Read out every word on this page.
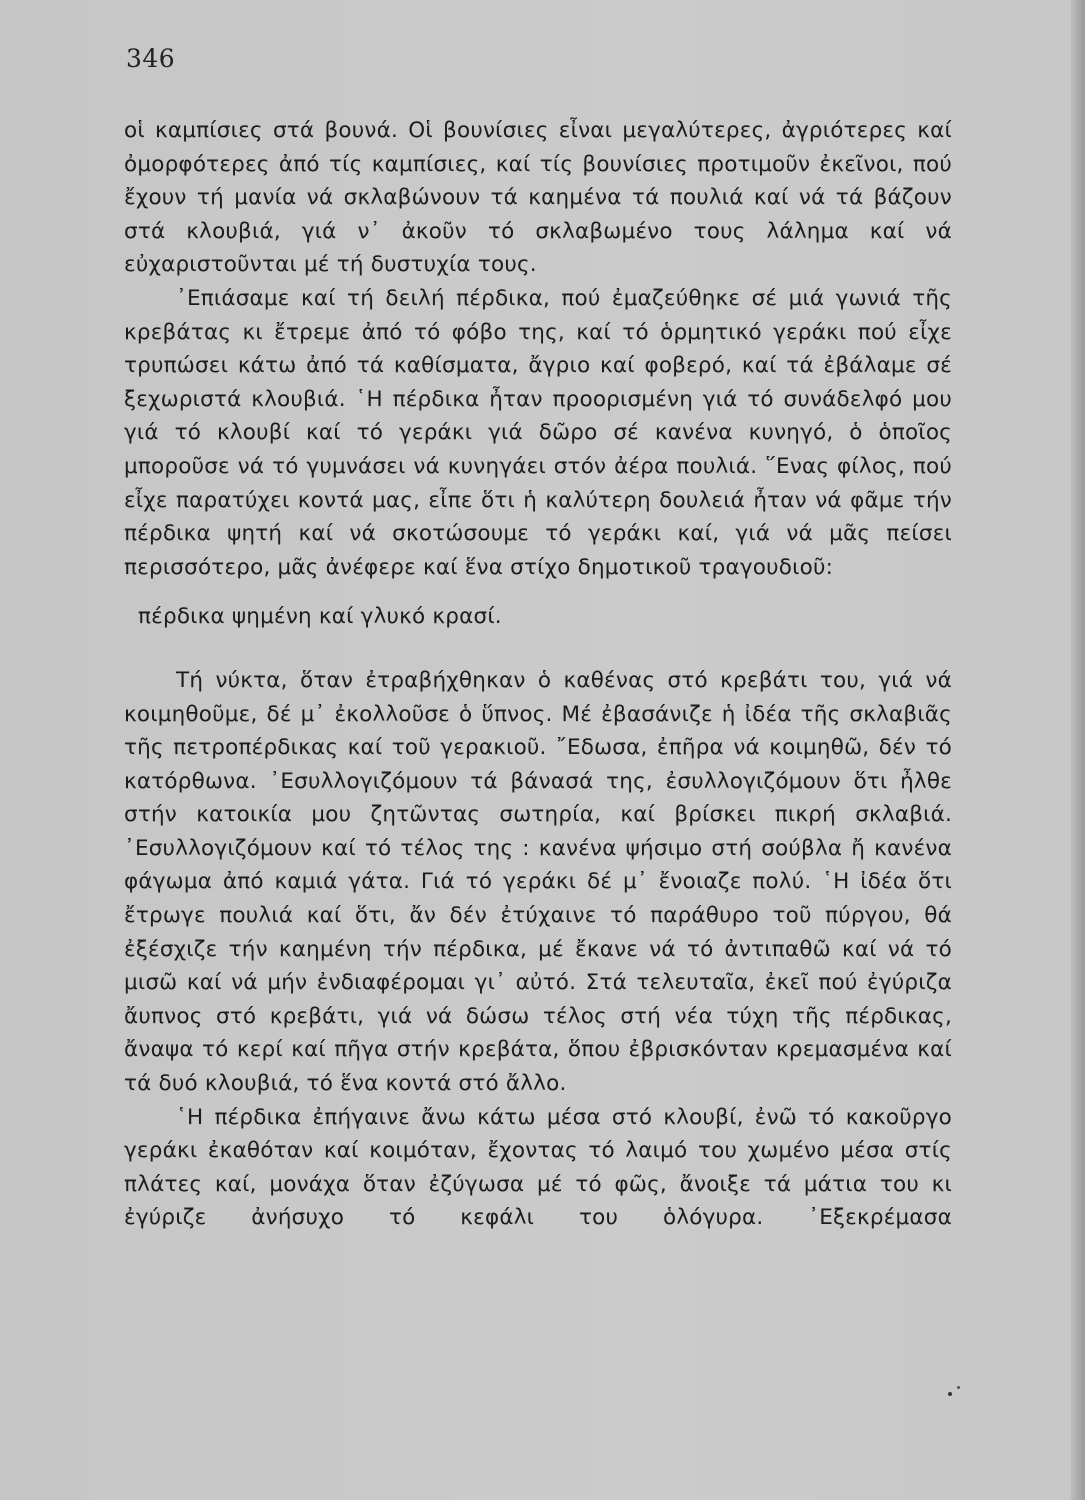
346

οἱ καμπίσιες στά βουνά. Οἱ βουνίσιες εἶναι μεγαλύτερες, ἀγριότερες καί ὀμορφότερες ἀπό τίς καμπίσιες, καί τίς βουνίσιες προτιμοῦν ἐκεῖνοι, πού ἔχουν τή μανία νά σκλαβώνουν τά καημένα τά πουλιά καί νά τά βάζουν στά κλουβιά, γιά ν᾽ ἀκοῦν τό σκλαβωμένο τους λάλημα καί νά εὐχαριστοῦνται μέ τή δυστυχία τους.

᾽Επιάσαμε καί τή δειλή πέρδικα, πού ἐμαζεύθηκε σέ μιά γωνιά τῆς κρεβάτας κι ἔτρεμε ἀπό τό φόβο της, καί τό ὁρμητικό γεράκι πού εἶχε τρυπώσει κάτω ἀπό τά καθίσματα, ἄγριο καί φοβερό, καί τά ἐβάλαμε σέ ξεχωριστά κλουβιά. ῾Η πέρδικα ἦταν προορισμένη γιά τό συνάδελφό μου γιά τό κλουβί καί τό γεράκι γιά δῶρο σέ κανένα κυνηγό, ὁ ὁποῖος μποροῦσε νά τό γυμνάσει νά κυνηγάει στόν ἀέρα πουλιά. ῞Ενας φίλος, πού εἶχε παρατύχει κοντά μας, εἶπε ὅτι ἡ καλύτερη δουλειά ἦταν νά φᾶμε τήν πέρδικα ψητή καί νά σκοτώσουμε τό γεράκι καί, γιά νά μᾶς πείσει περισσότερο, μᾶς ἀνέφερε καί ἕνα στίχο δημοτικοῦ τραγουδιοῦ:

πέρδικα ψημένη καί γλυκό κρασί.

Τή νύκτα, ὅταν ἐτραβήχθηκαν ὁ καθένας στό κρεβάτι του, γιά νά κοιμηθοῦμε, δέ μ᾽ ἐκολλοῦσε ὁ ὕπνος. Μέ ἐβασάνιζε ἡ ἰδέα τῆς σκλαβιᾶς τῆς πετροπέρδικας καί τοῦ γερακιοῦ. ῎Εδωσα, ἐπῆρα νά κοιμηθῶ, δέν τό κατόρθωνα. ᾽Εσυλλογιζόμουν τά βάνασά της, ἐσυλλογιζόμουν ὅτι ἦλθε στήν κατοικία μου ζητῶντας σωτηρία, καί βρίσκει πικρή σκλαβιά. ᾽Εσυλλογιζόμουν καί τό τέλος της : κανένα ψήσιμο στή σούβλα ἤ κανένα φάγωμα ἀπό καμιά γάτα. Γιά τό γεράκι δέ μ᾽ ἔνοιαζε πολύ. ῾Η ἰδέα ὅτι ἔτρωγε πουλιά καί ὅτι, ἄν δέν ἐτύχαινε τό παράθυρο τοῦ πύργου, θά ἐξέσχιζε τήν καημένη τήν πέρδικα, μέ ἔκανε νά τό ἀντιπαθῶ καί νά τό μισῶ καί νά μήν ἐνδιαφέρομαι γι᾽ αὐτό. Στά τελευταῖα, ἐκεῖ πού ἐγύριζα ἄυπνος στό κρεβάτι, γιά νά δώσω τέλος στή νέα τύχη τῆς πέρδικας, ἄναψα τό κερί καί πῆγα στήν κρεβάτα, ὅπου ἐβρισκόνταν κρεμασμένα καί τά δυό κλουβιά, τό ἕνα κοντά στό ἄλλο.

῾Η πέρδικα ἐπήγαινε ἄνω κάτω μέσα στό κλουβί, ἐνῶ τό κακοῦργο γεράκι ἐκαθόταν καί κοιμόταν, ἔχοντας τό λαιμό του χωμένο μέσα στίς πλάτες καί, μονάχα ὅταν ἐζύγωσα μέ τό φῶς, ἄνοιξε τά μάτια του κι ἐγύριζε ἀνήσυχο τό κεφάλι του ὁλόγυρα. ᾽Εξεκρέμασα
